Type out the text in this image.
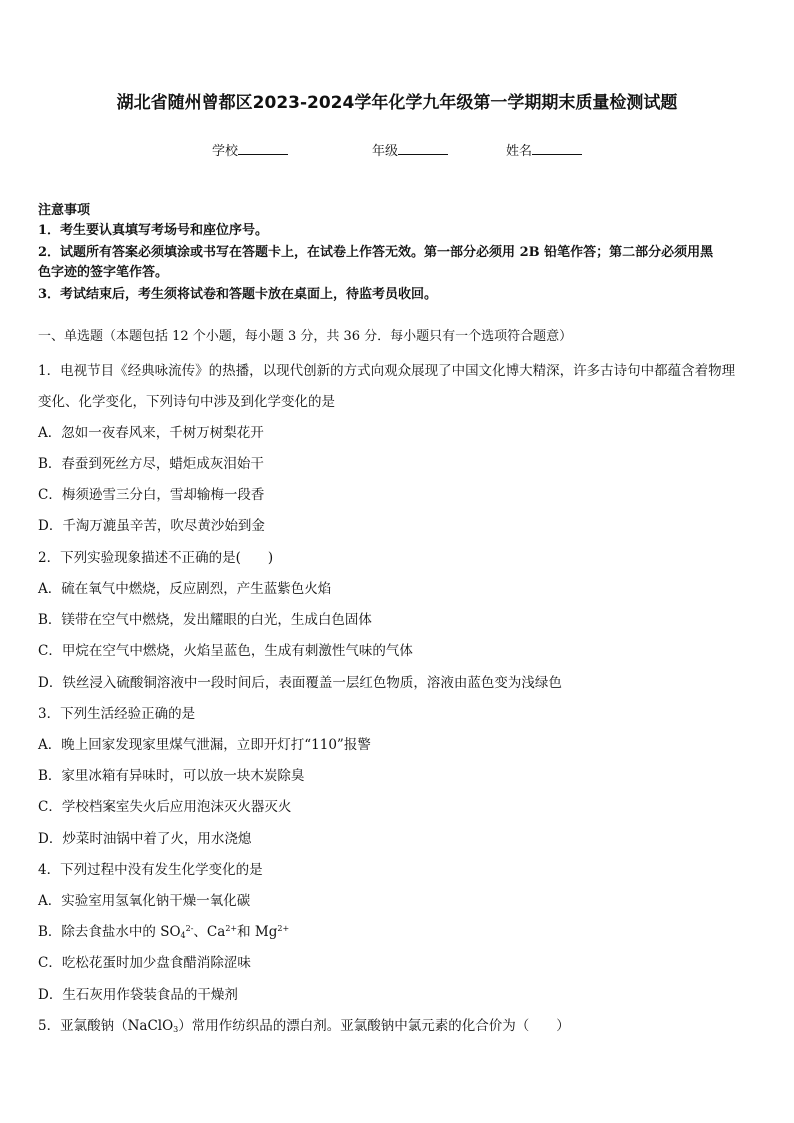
湖北省随州曾都区2023-2024学年化学九年级第一学期期末质量检测试题
学校	年级	姓名
注意事项
1．考生要认真填写考场号和座位序号。
2．试题所有答案必须填涂或书写在答题卡上，在试卷上作答无效。第一部分必须用 2B 铅笔作答；第二部分必须用黑
色字迹的签字笔作答。
3．考试结束后，考生须将试卷和答题卡放在桌面上，待监考员收回。
一、单选题（本题包括 12 个小题，每小题 3 分，共 36 分．每小题只有一个选项符合题意）
1．电视节目《经典咏流传》的热播，以现代创新的方式向观众展现了中国文化博大精深，许多古诗句中都蕴含着物理
变化、化学变化，下列诗句中涉及到化学变化的是
A．忽如一夜春风来，千树万树梨花开
B．春蚕到死丝方尽，蜡炬成灰泪始干
C．梅须逊雪三分白，雪却输梅一段香
D．千淘万漉虽辛苦，吹尽黄沙始到金
2．下列实验现象描述不正确的是(　　)
A．硫在氧气中燃烧，反应剧烈，产生蓝紫色火焰
B．镁带在空气中燃烧，发出耀眼的白光，生成白色固体
C．甲烷在空气中燃烧，火焰呈蓝色，生成有刺激性气味的气体
D．铁丝浸入硫酸铜溶液中一段时间后，表面覆盖一层红色物质，溶液由蓝色变为浅绿色
3．下列生活经验正确的是
A．晚上回家发现家里煤气泄漏，立即开灯打“110”报警
B．家里冰箱有异味时，可以放一块木炭除臭
C．学校档案室失火后应用泡沫灭火器灭火
D．炒菜时油锅中着了火，用水浇熄
4．下列过程中没有发生化学变化的是
A．实验室用氢氧化钠干燥一氧化碳
B．除去食盐水中的 $SO_4^{2-}$、$Ca^{2+}$和 $Mg^{2+}$
C．吃松花蛋时加少盘食醋消除涩味
D．生石灰用作袋装食品的干燥剂
5．亚氯酸钠（NaClO$_3$）常用作纺织品的漂白剂。亚氯酸钠中氯元素的化合价为（　　）
